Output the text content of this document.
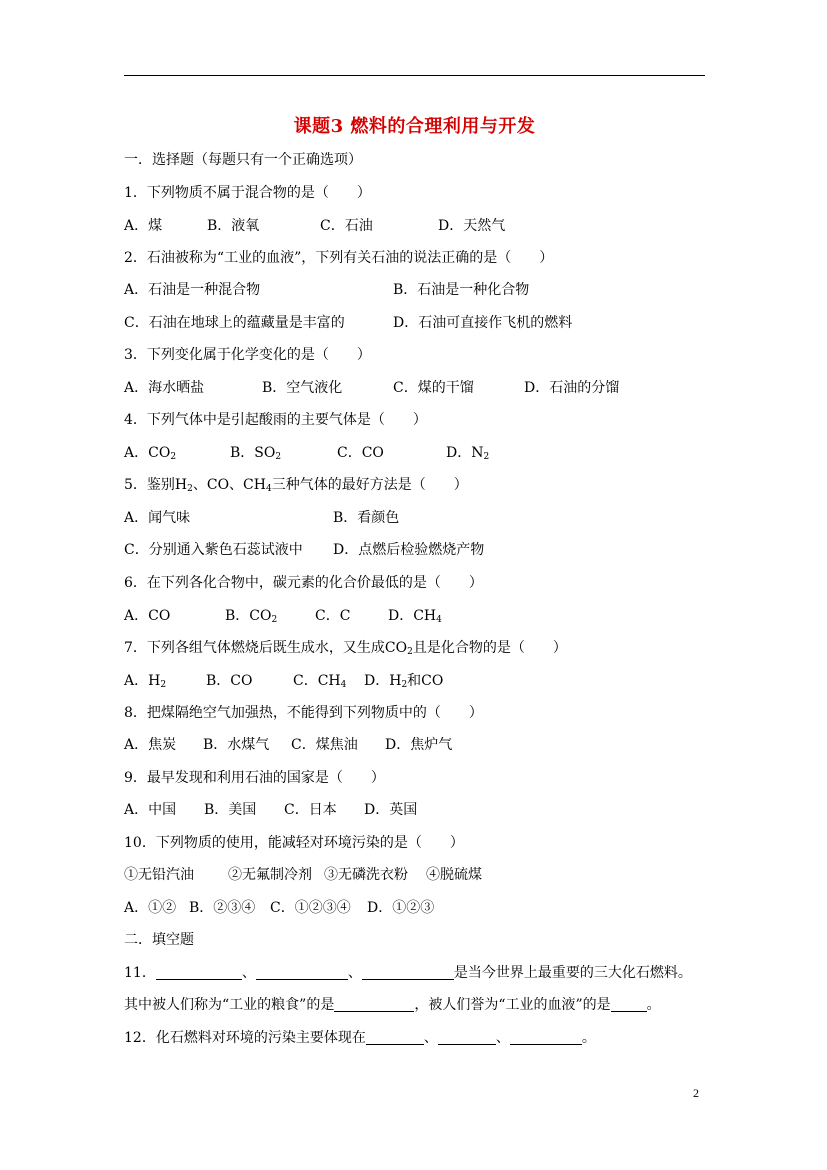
课题3 燃料的合理利用与开发
一．选择题（每题只有一个正确选项）
1．下列物质不属于混合物的是（　　）
A．煤	B．液氧	C．石油	D．天然气
2．石油被称为“工业的血液”，下列有关石油的说法正确的是（　　）
A．石油是一种混合物	B．石油是一种化合物
C．石油在地球上的蕴藏量是丰富的	D．石油可直接作飞机的燃料
3．下列变化属于化学变化的是（　　）
A．海水晒盐	B．空气液化	C．煤的干馏	D．石油的分馏
4．下列气体中是引起酸雨的主要气体是（　　）
A．$CO_2$	B．$SO_2$	C．CO	D．$N_2$
5．鉴别$H_2$、CO、$CH_4$三种气体的最好方法是（　　）
A．闻气味	B．看颜色
C．分别通入紫色石蕊试液中 D．点燃后检验燃烧产物
6．在下列各化合物中，碳元素的化合价最低的是（　　）
A．CO	B．$CO_2$	C．C	D．$CH_4$
7．下列各组气体燃烧后既生成水，又生成$CO_2$且是化合物的是（　　）
A．$H_2$	B．CO	C．$CH_4$ D．$H_2$和CO
8．把煤隔绝空气加强热，不能得到下列物质中的（　　）
A．焦炭 B．水煤气 C．煤焦油 D．焦炉气
9．最早发现和利用石油的国家是（　　）
A．中国 B．美国 C．日本 D．英国
10．下列物质的使用，能减轻对环境污染的是（　　）
①无铅汽油 ②无氟制冷剂 ③无磷洗衣粉 ④脱硫煤
A．①② B．②③④ C．①②③④ D．①②③
二．填空题
11．	、	、	是当今世界上最重要的三大化石燃料。
其中被人们称为“工业的粮食”的是	，被人们誉为“工业的血液”的是	。
12．化石燃料对环境的污染主要体现在	、	、	。
2
